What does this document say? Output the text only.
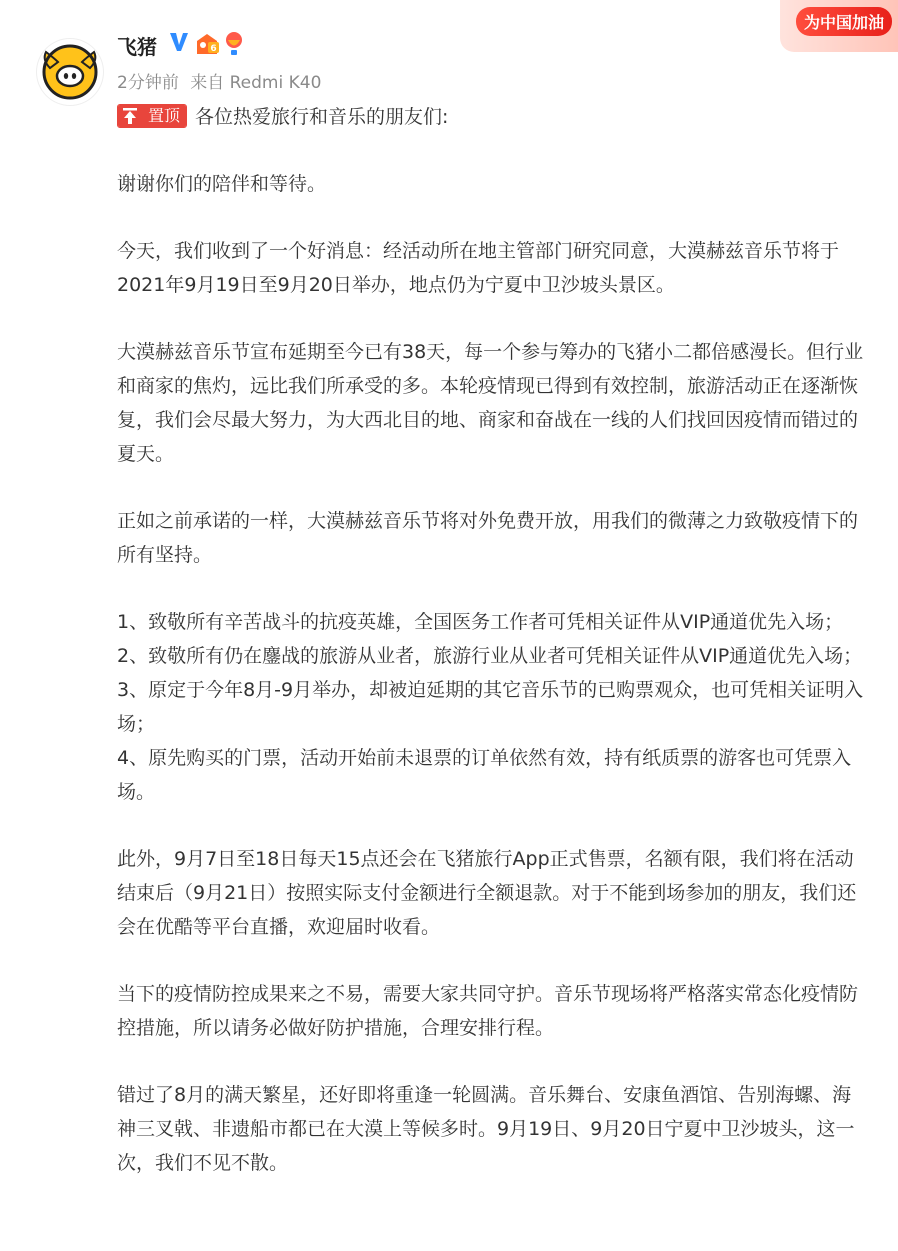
飞猪	6
2分钟前 来自 Redmi K40
为中国加油

置顶 各位热爱旅行和音乐的朋友们:

谢谢你们的陪伴和等待。

今天，我们收到了一个好消息：经活动所在地主管部门研究同意，大漠赫兹音乐节将于2021年9月19日至9月20日举办，地点仍为宁夏中卫沙坡头景区。

大漠赫兹音乐节宣布延期至今已有38天，每一个参与筹办的飞猪小二都倍感漫长。但行业和商家的焦灼，远比我们所承受的多。本轮疫情现已得到有效控制，旅游活动正在逐渐恢复，我们会尽最大努力，为大西北目的地、商家和奋战在一线的人们找回因疫情而错过的夏天。

正如之前承诺的一样，大漠赫兹音乐节将对外免费开放，用我们的微薄之力致敬疫情下的所有坚持。

1、致敬所有辛苦战斗的抗疫英雄，全国医务工作者可凭相关证件从VIP通道优先入场；

2、致敬所有仍在鏖战的旅游从业者，旅游行业从业者可凭相关证件从VIP通道优先入场；

3、原定于今年8月-9月举办，却被迫延期的其它音乐节的已购票观众，也可凭相关证明入场；

4、原先购买的门票，活动开始前未退票的订单依然有效，持有纸质票的游客也可凭票入场。

此外，9月7日至18日每天15点还会在飞猪旅行App正式售票，名额有限，我们将在活动结束后（9月21日）按照实际支付金额进行全额退款。对于不能到场参加的朋友，我们还会在优酷等平台直播，欢迎届时收看。

当下的疫情防控成果来之不易，需要大家共同守护。音乐节现场将严格落实常态化疫情防控措施，所以请务必做好防护措施，合理安排行程。

错过了8月的满天繁星，还好即将重逢一轮圆满。音乐舞台、安康鱼酒馆、告别海螺、海神三叉戟、非遗船市都已在大漠上等候多时。9月19日、9月20日宁夏中卫沙坡头，这一次，我们不见不散。
